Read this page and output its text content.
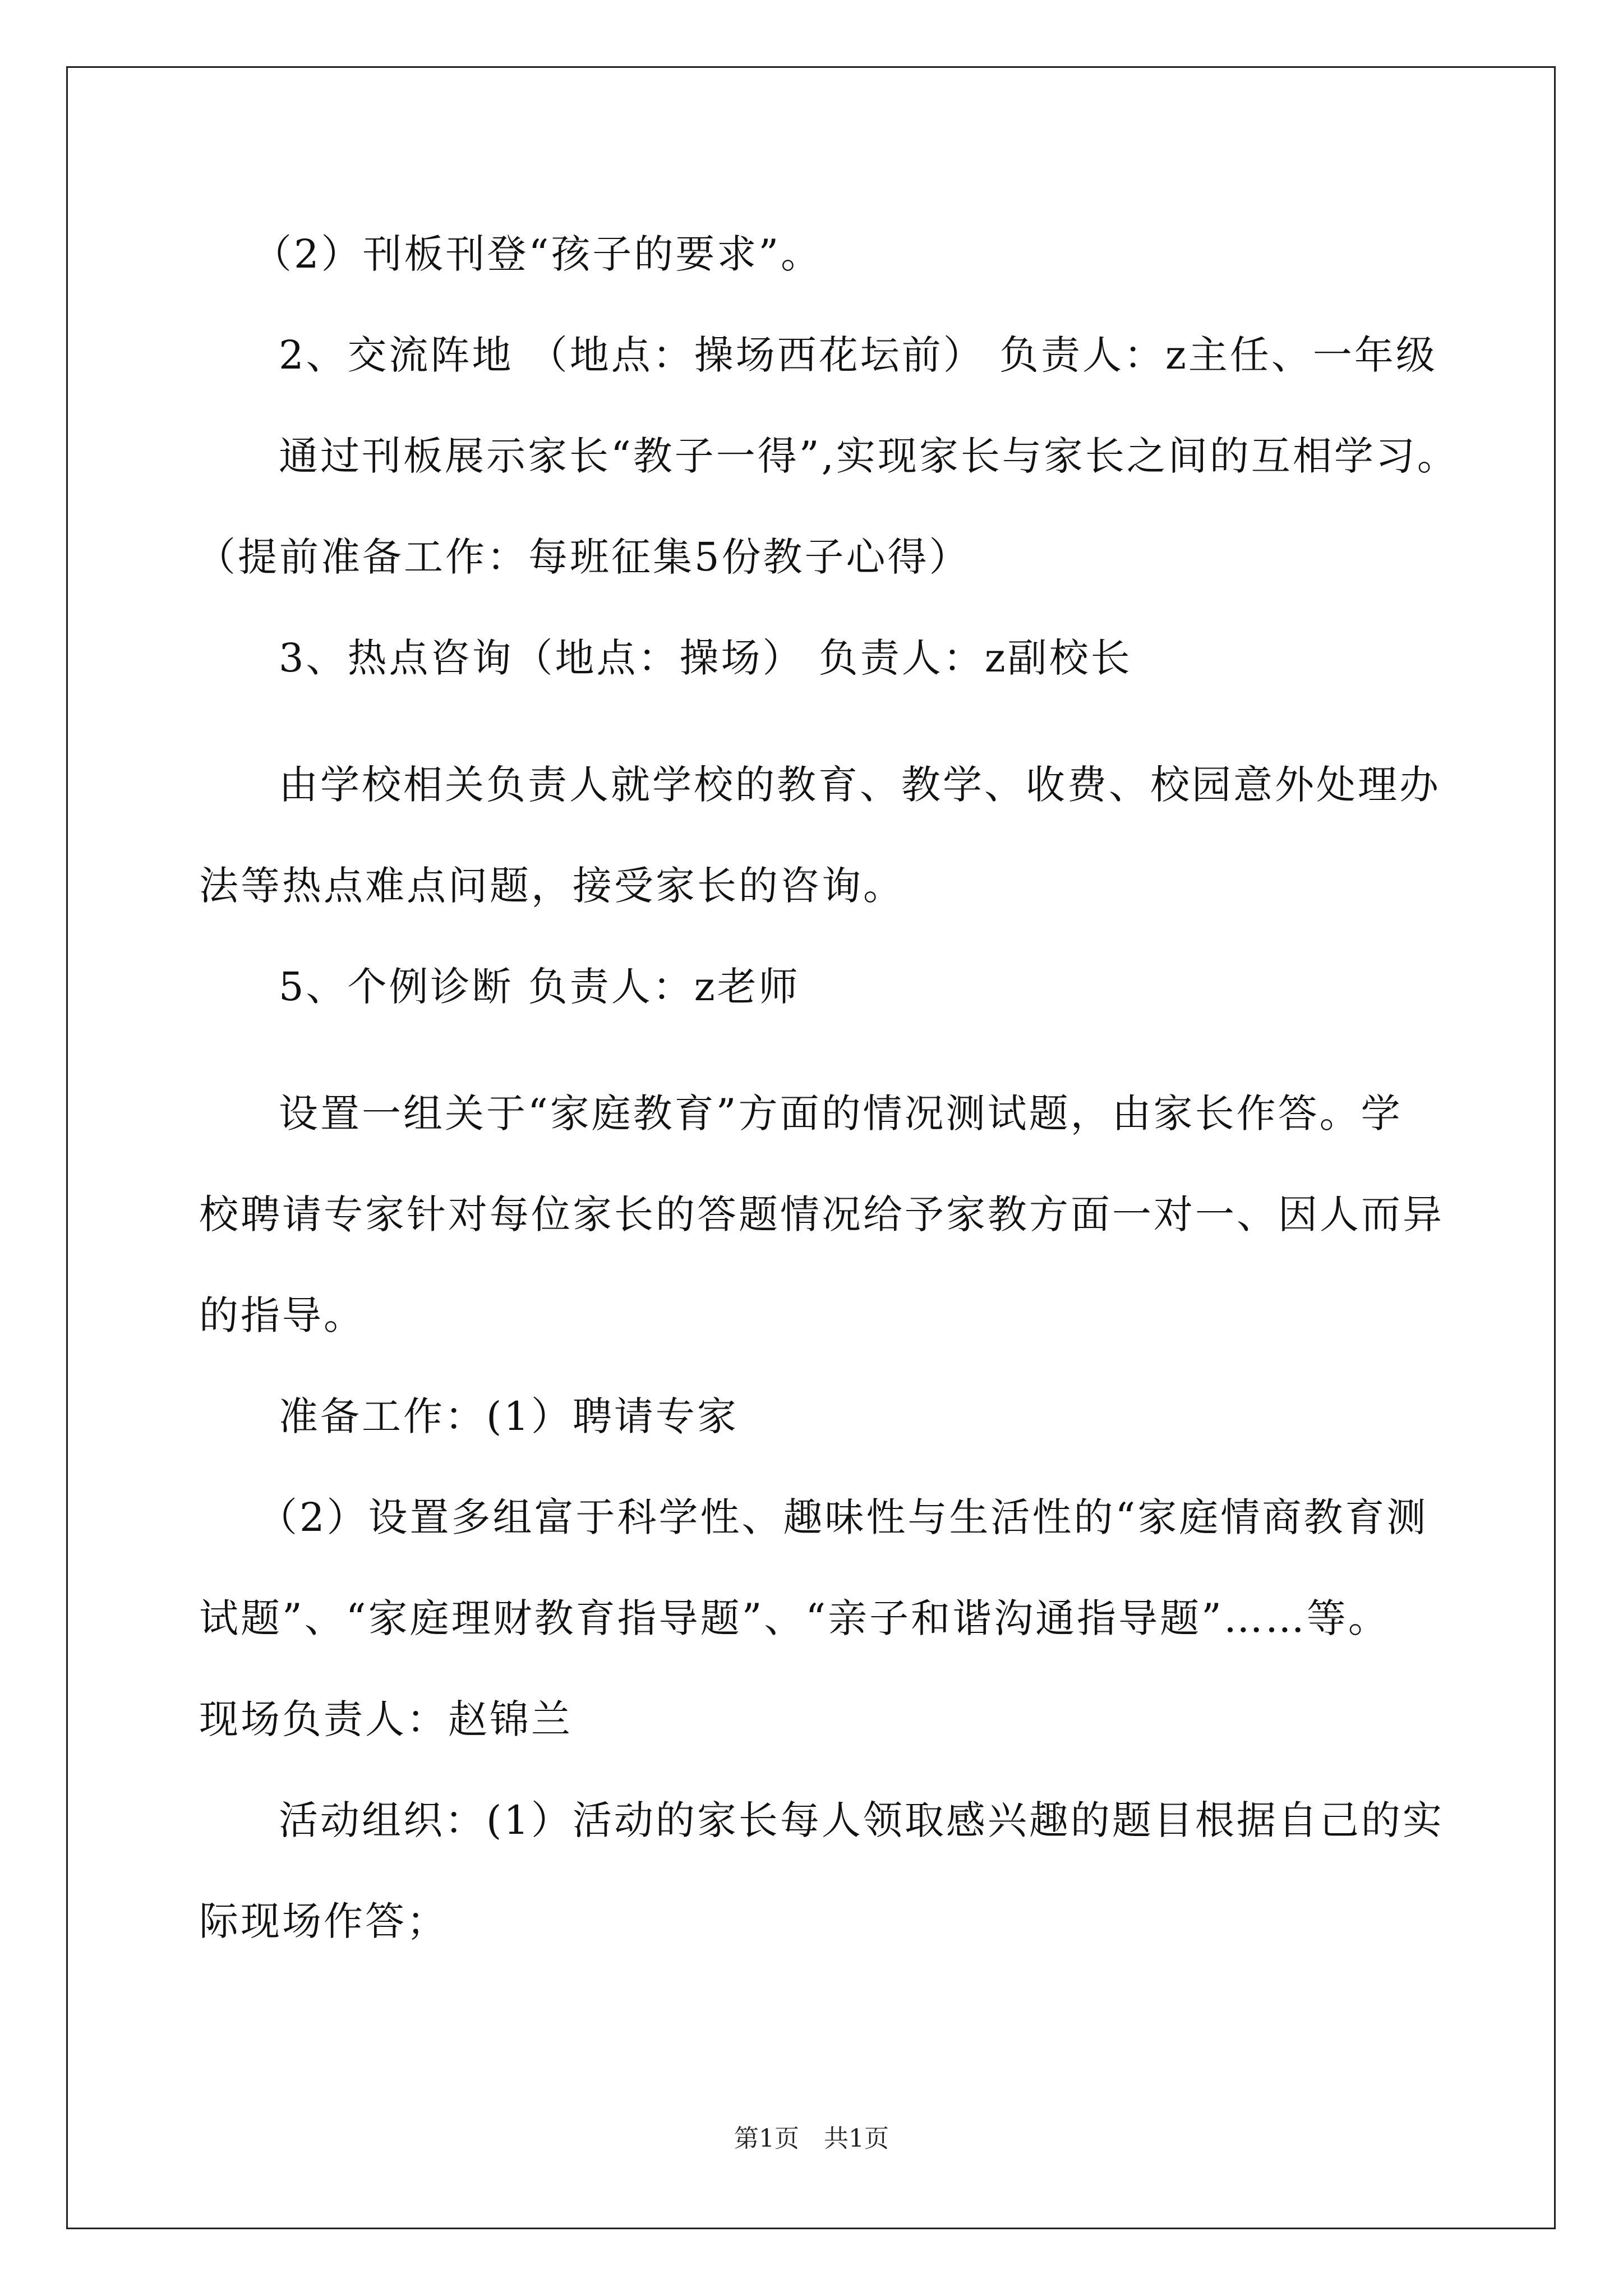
（2）刊板刊登“孩子的要求”。
2、交流阵地 （地点：操场西花坛前） 负责人：z主任、一年级
通过刊板展示家长“教子一得”,实现家长与家长之间的互相学习。
（提前准备工作：每班征集5份教子心得）
3、热点咨询（地点：操场） 负责人：z副校长
由学校相关负责人就学校的教育、教学、收费、校园意外处理办
法等热点难点问题，接受家长的咨询。
5、个例诊断 负责人：z老师
设置一组关于“家庭教育”方面的情况测试题，由家长作答。学
校聘请专家针对每位家长的答题情况给予家教方面一对一、因人而异
的指导。
准备工作：(1）聘请专家
（2）设置多组富于科学性、趣味性与生活性的“家庭情商教育测
试题”、“家庭理财教育指导题”、“亲子和谐沟通指导题”……等。
现场负责人：赵锦兰
活动组织：(1）活动的家长每人领取感兴趣的题目根据自己的实
际现场作答；
第1页　共1页
